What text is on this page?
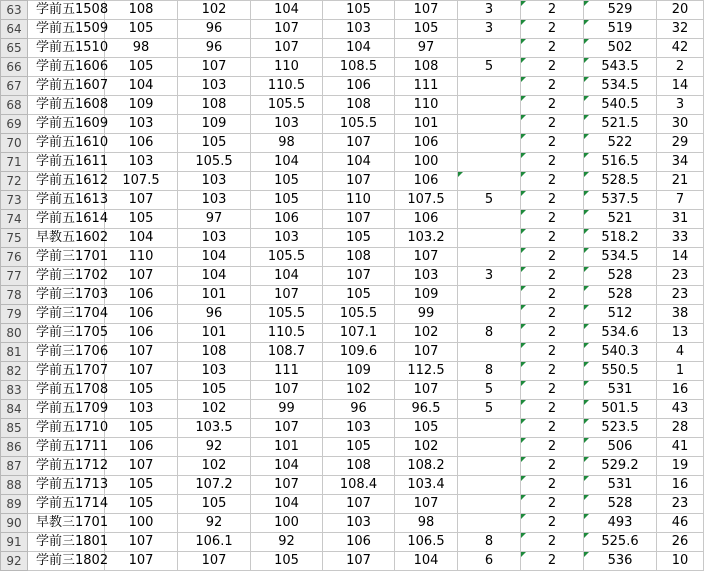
63	学前五1508	108	102	104	105	107	3	2	529	20
64	学前五1509	105	96	107	103	105	3	2	519	32
65	学前五1510	98	96	107	104	97		2	502	42
66	学前五1606	105	107	110	108.5	108	5	2	543.5	2
67	学前五1607	104	103	110.5	106	111		2	534.5	14
68	学前五1608	109	108	105.5	108	110		2	540.5	3
69	学前五1609	103	109	103	105.5	101		2	521.5	30
70	学前五1610	106	105	98	107	106		2	522	29
71	学前五1611	103	105.5	104	104	100		2	516.5	34
72	学前五1612	107.5	103	105	107	106		2	528.5	21
73	学前五1613	107	103	105	110	107.5	5	2	537.5	7
74	学前五1614	105	97	106	107	106		2	521	31
75	早教五1602	104	103	103	105	103.2		2	518.2	33
76	学前三1701	110	104	105.5	108	107		2	534.5	14
77	学前三1702	107	104	104	107	103	3	2	528	23
78	学前三1703	106	101	107	105	109		2	528	23
79	学前三1704	106	96	105.5	105.5	99		2	512	38
80	学前三1705	106	101	110.5	107.1	102	8	2	534.6	13
81	学前三1706	107	108	108.7	109.6	107		2	540.3	4
82	学前五1707	107	103	111	109	112.5	8	2	550.5	1
83	学前五1708	105	105	107	102	107	5	2	531	16
84	学前五1709	103	102	99	96	96.5	5	2	501.5	43
85	学前五1710	105	103.5	107	103	105		2	523.5	28
86	学前五1711	106	92	101	105	102		2	506	41
87	学前五1712	107	102	104	108	108.2		2	529.2	19
88	学前五1713	105	107.2	107	108.4	103.4		2	531	16
89	学前五1714	105	105	104	107	107		2	528	23
90	早教三1701	100	92	100	103	98		2	493	46
91	学前三1801	107	106.1	92	106	106.5	8	2	525.6	26
92	学前三1802	107	107	105	107	104	6	2	536	10
